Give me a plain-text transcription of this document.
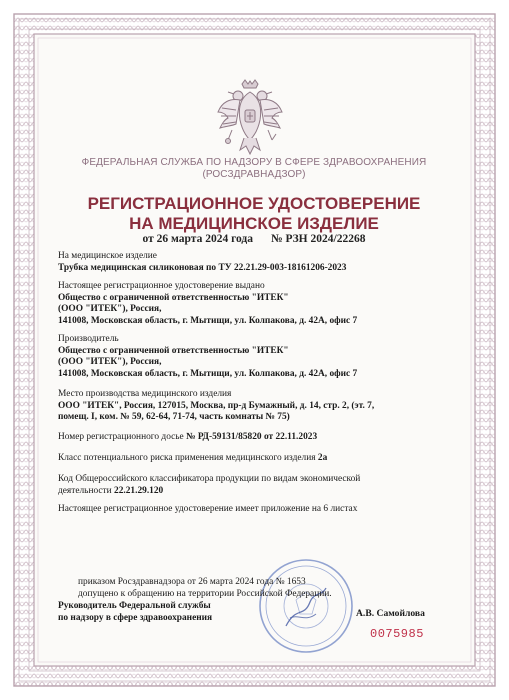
ФЕДЕРАЛЬНАЯ СЛУЖБА ПО НАДЗОРУ В СФЕРЕ ЗДРАВООХРАНЕНИЯ
(РОСЗДРАВНАДЗОР)
РЕГИСТРАЦИОННОЕ УДОСТОВЕРЕНИЕ
НА МЕДИЦИНСКОЕ ИЗДЕЛИЕ
от 26 марта 2024 года № РЗН 2024/22268
На медицинское изделие
Трубка медицинская силиконовая по ТУ 22.21.29-003-18161206-2023
Настоящее регистрационное удостоверение выдано
Общество с ограниченной ответственностью "ИТЕК"
(ООО "ИТЕК"), Россия,
141008, Московская область, г. Мытищи, ул. Колпакова, д. 42А, офис 7
Производитель
Общество с ограниченной ответственностью "ИТЕК"
(ООО "ИТЕК"), Россия,
141008, Московская область, г. Мытищи, ул. Колпакова, д. 42А, офис 7
Место производства медицинского изделия
ООО "ИТЕК", Россия, 127015, Москва, пр-д Бумажный, д. 14, стр. 2, (эт. 7,
помещ. I, ком. № 59, 62-64, 71-74, часть комнаты № 75)
Номер регистрационного досье № РД-59131/85820 от 22.11.2023
Класс потенциального риска применения медицинского изделия 2а
Код Общероссийского классификатора продукции по видам экономической
деятельности 22.21.29.120
Настоящее регистрационное удостоверение имеет приложение на 6 листах
приказом Росздравнадзора от 26 марта 2024 года № 1653
допущено к обращению на территории Российской Федерации.
Руководитель Федеральной службы
по надзору в сфере здравоохранения	А.В. Самойлова
0075985
